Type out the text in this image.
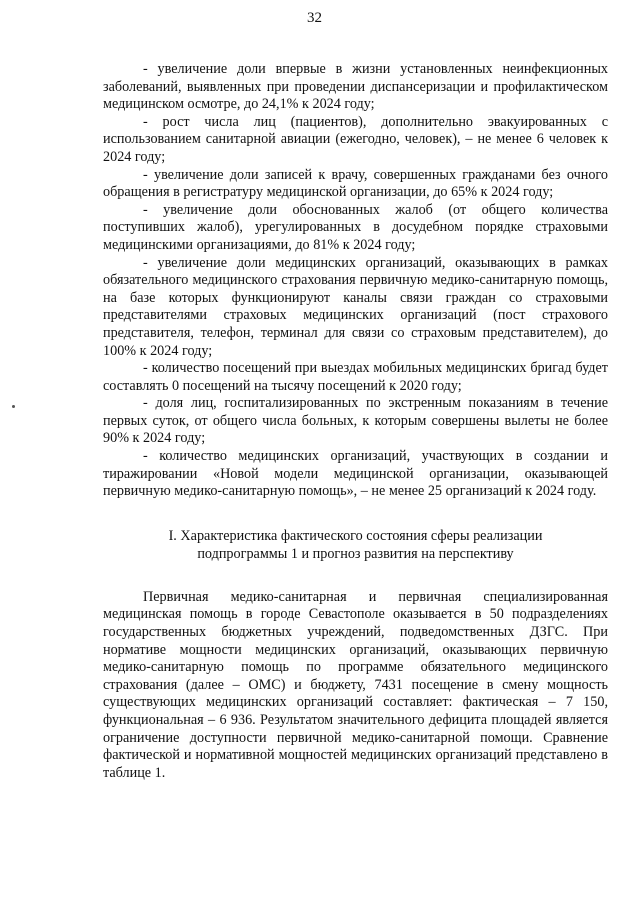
32

- увеличение доли впервые в жизни установленных неинфекционных заболеваний, выявленных при проведении диспансеризации и профилактическом медицинском осмотре, до 24,1% к 2024 году;

- рост числа лиц (пациентов), дополнительно эвакуированных с использованием санитарной авиации (ежегодно, человек), – не менее 6 человек к 2024 году;

- увеличение доли записей к врачу, совершенных гражданами без очного обращения в регистратуру медицинской организации, до 65% к 2024 году;

- увеличение доли обоснованных жалоб (от общего количества поступивших жалоб), урегулированных в досудебном порядке страховыми медицинскими организациями, до 81% к 2024 году;

- увеличение доли медицинских организаций, оказывающих в рамках обязательного медицинского страхования первичную медико-санитарную помощь, на базе которых функционируют каналы связи граждан со страховыми представителями страховых медицинских организаций (пост страхового представителя, телефон, терминал для связи со страховым представителем), до 100% к 2024 году;

- количество посещений при выездах мобильных медицинских бригад будет составлять 0 посещений на тысячу посещений к 2020 году;

- доля лиц, госпитализированных по экстренным показаниям в течение первых суток, от общего числа больных, к которым совершены вылеты не более 90% к 2024 году;

- количество медицинских организаций, участвующих в создании и тиражировании «Новой модели медицинской организации, оказывающей первичную медико-санитарную помощь», – не менее 25 организаций к 2024 году.

I. Характеристика фактического состояния сферы реализации
подпрограммы 1 и прогноз развития на перспективу

Первичная медико-санитарная и первичная специализированная медицинская помощь в городе Севастополе оказывается в 50 подразделениях государственных бюджетных учреждений, подведомственных ДЗГС. При нормативе мощности медицинских организаций, оказывающих первичную медико-санитарную помощь по программе обязательного медицинского страхования (далее – ОМС) и бюджету, 7431 посещение в смену мощность существующих медицинских организаций составляет: фактическая – 7 150, функциональная – 6 936. Результатом значительного дефицита площадей является ограничение доступности первичной медико-санитарной помощи. Сравнение фактической и нормативной мощностей медицинских организаций представлено в таблице 1.
